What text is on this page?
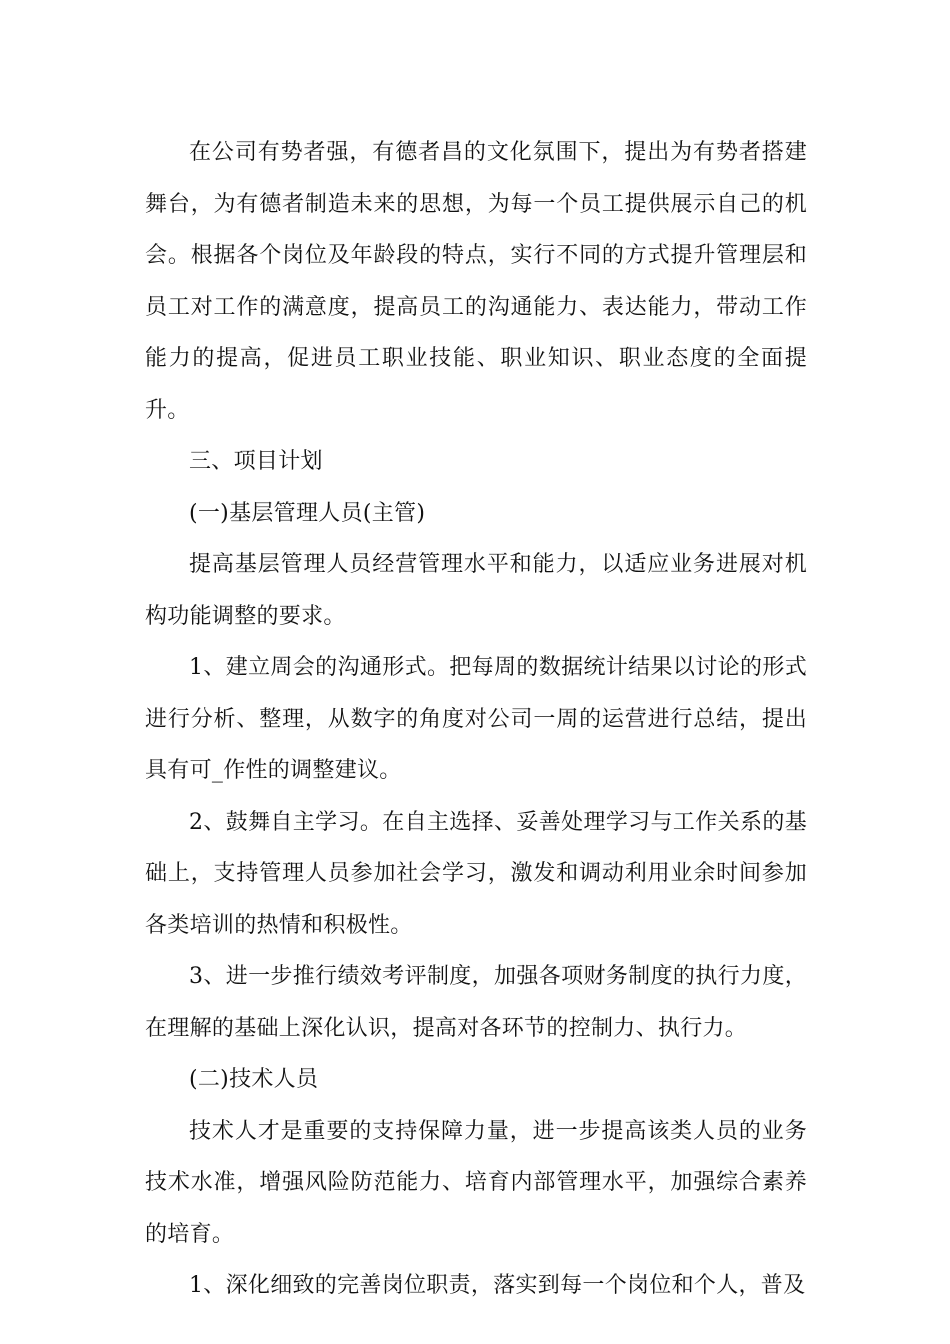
在公司有势者强，有德者昌的文化氛围下，提出为有势者搭建舞台，为有德者制造未来的思想，为每一个员工提供展示自己的机会。根据各个岗位及年龄段的特点，实行不同的方式提升管理层和员工对工作的满意度，提高员工的沟通能力、表达能力，带动工作能力的提高，促进员工职业技能、职业知识、职业态度的全面提升。

三、项目计划

(一)基层管理人员(主管)

提高基层管理人员经营管理水平和能力，以适应业务进展对机构功能调整的要求。

1、建立周会的沟通形式。把每周的数据统计结果以讨论的形式进行分析、整理，从数字的角度对公司一周的运营进行总结，提出具有可_作性的调整建议。

2、鼓舞自主学习。在自主选择、妥善处理学习与工作关系的基础上，支持管理人员参加社会学习，激发和调动利用业余时间参加各类培训的热情和积极性。

3、进一步推行绩效考评制度，加强各项财务制度的执行力度，在理解的基础上深化认识，提高对各环节的控制力、执行力。

(二)技术人员

技术人才是重要的支持保障力量，进一步提高该类人员的业务技术水准，增强风险防范能力、培育内部管理水平，加强综合素养的培育。

1、深化细致的完善岗位职责，落实到每一个岗位和个人，普及
